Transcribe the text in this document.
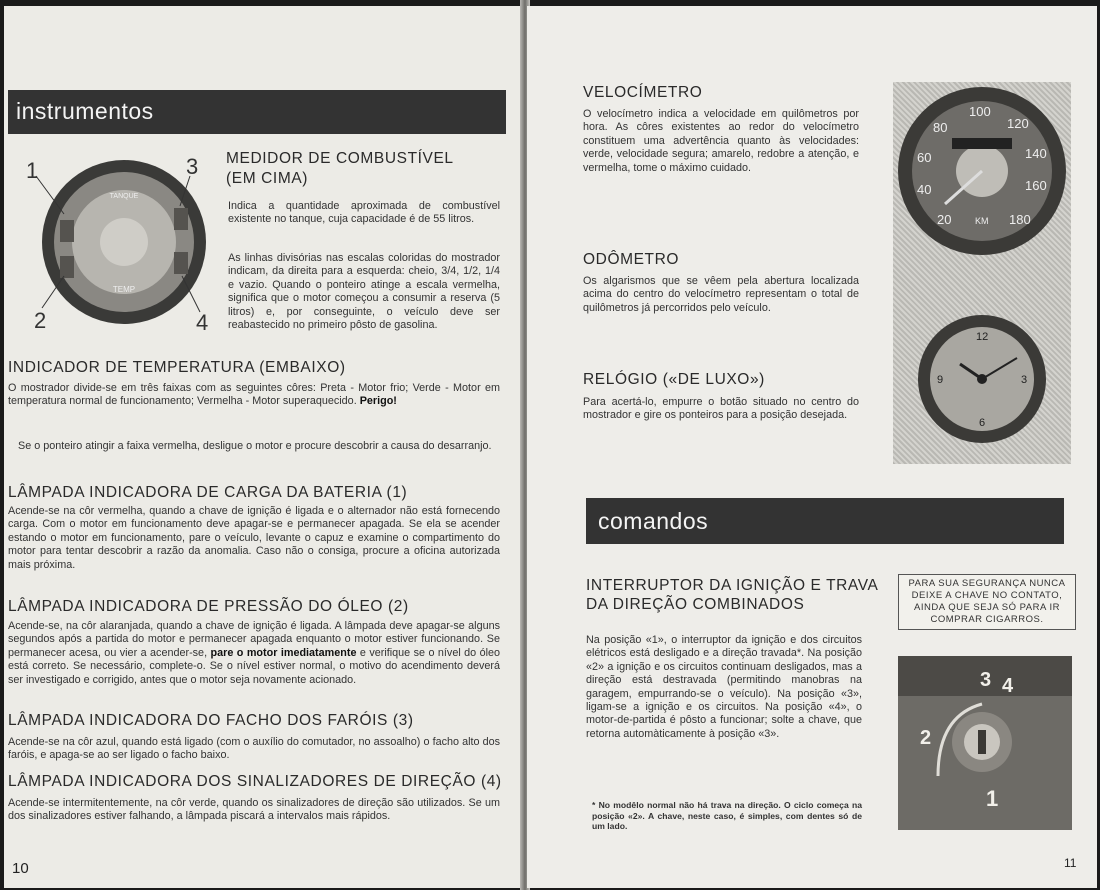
instrumentos
TANQUE
TEMP
1	3
2	4
MEDIDOR DE COMBUSTÍVEL
(EM CIMA)
Indica a quantidade aproximada de combustível existente no tanque, cuja capacidade é de 55 litros.
As linhas divisórias nas escalas coloridas do mostrador indicam, da direita para a esquerda: cheio, 3/4, 1/2, 1/4 e vazio. Quando o ponteiro atinge a escala vermelha, significa que o motor começou a consumir a reserva (5 litros) e, por conseguinte, o veículo deve ser reabastecido no primeiro pôsto de gasolina.
INDICADOR DE TEMPERATURA (EMBAIXO)
O mostrador divide-se em três faixas com as seguintes côres: Preta - Motor frio; Verde - Motor em temperatura normal de funcionamento; Vermelha - Motor superaquecido. Perigo!
Se o ponteiro atingir a faixa vermelha, desligue o motor e procure descobrir a causa do desarranjo.
LÂMPADA INDICADORA DE CARGA DA BATERIA (1)
Acende-se na côr vermelha, quando a chave de ignição é ligada e o alternador não está fornecendo carga. Com o motor em funcionamento deve apagar-se e permanecer apagada. Se ela se acender estando o motor em funcionamento, pare o veículo, levante o capuz e examine o compartimento do motor para tentar descobrir a razão da anomalia. Caso não o consiga, procure a oficina autorizada mais próxima.
LÂMPADA INDICADORA DE PRESSÃO DO ÓLEO (2)
Acende-se, na côr alaranjada, quando a chave de ignição é ligada. A lâmpada deve apagar-se alguns segundos após a partida do motor e permanecer apagada enquanto o motor estiver funcionando. Se permanecer acesa, ou vier a acender-se, pare o motor imediatamente e verifique se o nível do óleo está correto. Se necessário, complete-o. Se o nível estiver normal, o motivo do acendimento deverá ser investigado e corrigido, antes que o motor seja novamente acionado.
LÂMPADA INDICADORA DO FACHO DOS FARÓIS (3)
Acende-se na côr azul, quando está ligado (com o auxílio do comutador, no assoalho) o facho alto dos faróis, e apaga-se ao ser ligado o facho baixo.
LÂMPADA INDICADORA DOS SINALIZADORES DE DIREÇÃO (4)
Acende-se intermitentemente, na côr verde, quando os sinalizadores de direção são utilizados. Se um dos sinalizadores estiver falhando, a lâmpada piscará a intervalos mais rápidos.
10
VELOCÍMETRO
O velocímetro indica a velocidade em quilômetros por hora. As côres existentes ao redor do velocímetro constituem uma advertência quanto às velocidades: verde, velocidade segura; amarelo, redobre a atenção, e vermelha, tome o máximo cuidado.
ODÔMETRO
Os algarismos que se vêem pela abertura localizada acima do centro do velocímetro representam o total de quilômetros já percorridos pelo veículo.
RELÓGIO («DE LUXO»)
Para acertá-lo, empurre o botão situado no centro do mostrador e gire os ponteiros para a posição desejada.
20
40
60
80
100
120
140
160
180
KM
12
9	3
6
comandos
INTERRUPTOR DA IGNIÇÃO E TRAVA
DA DIREÇÃO COMBINADOS
PARA SUA SEGURANÇA NUNCA DEIXE A CHAVE NO CONTATO, AINDA QUE SEJA SÓ PARA IR COMPRAR CIGARROS.
Na posição «1», o interruptor da ignição e dos circuitos elétricos está desligado e a direção travada*. Na posição «2» a ignição e os circuitos continuam desligados, mas a direção está destravada (permitindo manobras na garagem, empurrando-se o veículo). Na posição «3», ligam-se a ignição e os circuitos. Na posição «4», o motor-de-partida é pôsto a funcionar; solte a chave, que retorna automàticamente à posição «3».
* No modêlo normal não há trava na direção. O ciclo começa na posição «2». A chave, neste caso, é simples, com dentes só de um lado.
3 4
2
1
11
